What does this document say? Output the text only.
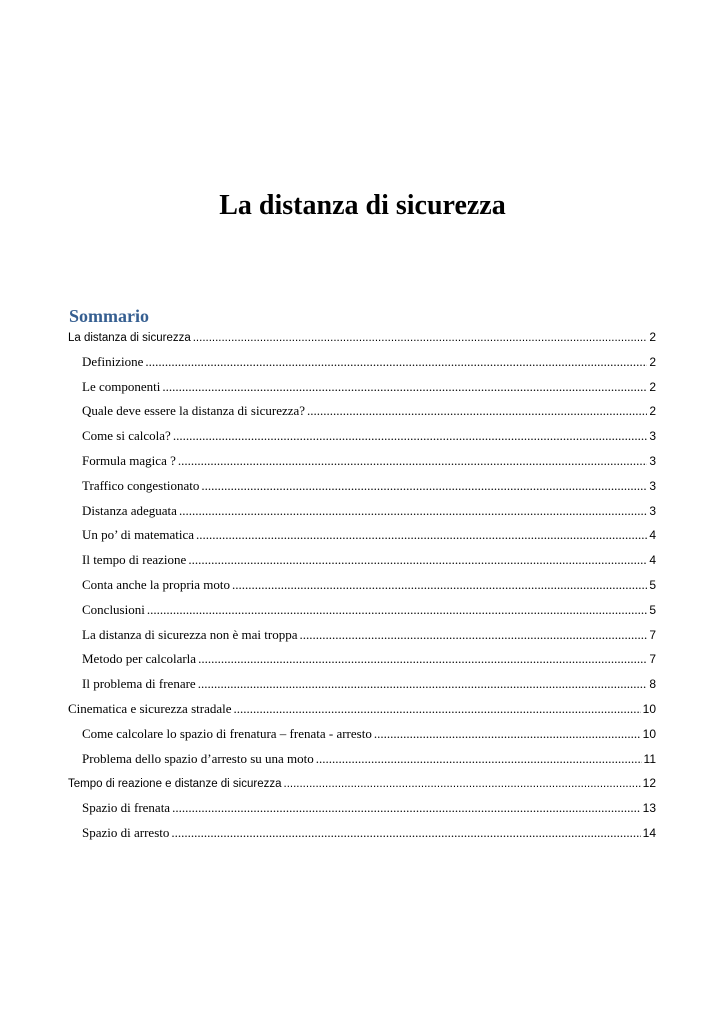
La distanza di sicurezza
Sommario
La distanza di sicurezza .....	2
Definizione .....	2
Le componenti .....	2
Quale deve essere la distanza di sicurezza? .....	2
Come si calcola? .....	3
Formula magica ? .....	3
Traffico congestionato .....	3
Distanza adeguata .....	3
Un po’ di matematica .....	4
Il tempo di reazione .....	4
Conta anche la propria moto .....	5
Conclusioni .....	5
La distanza di sicurezza non è mai troppa .....	7
Metodo per calcolarla .....	7
Il problema di frenare .....	8
Cinematica e sicurezza stradale .....	10
Come calcolare lo spazio di frenatura – frenata - arresto .....	10
Problema dello spazio d’arresto su una moto .....	11
Tempo di reazione e distanze di sicurezza .....	12
Spazio di frenata .....	13
Spazio di arresto .....	14
